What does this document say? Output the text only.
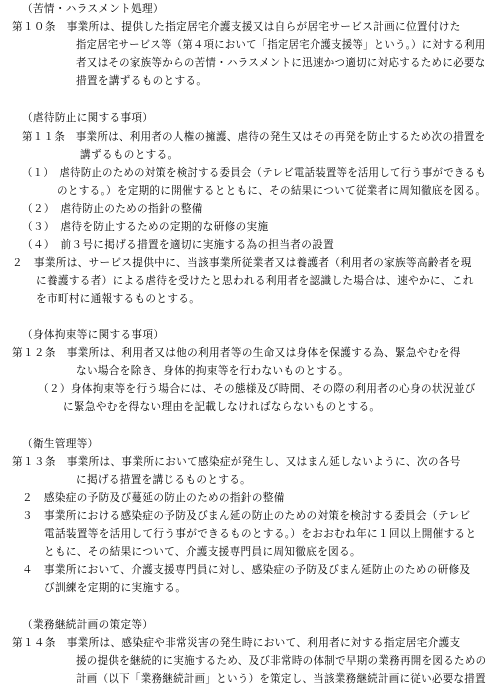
（苦情・ハラスメント処理）
第１０条　事業所は、提供した指定居宅介護支援又は自らが居宅サービス計画に位置付けた
指定居宅サービス等（第４項において「指定居宅介護支援等」という。）に対する利用
者又はその家族等からの苦情・ハラスメントに迅速かつ適切に対応するために必要な
措置を講ずるものとする。
（虐待防止に関する事項）
第１１条　事業所は、利用者の人権の擁護、虐待の発生又はその再発を防止するため次の措置を
講ずるものとする。
（１）　虐待防止のための対策を検討する委員会（テレビ電話装置等を活用して行う事ができるも
のとする。）を定期的に開催するとともに、その結果について従業者に周知徹底を図る。
（２）　虐待防止のための指針の整備
（３）　虐待を防止するための定期的な研修の実施
（４）　前３号に掲げる措置を適切に実施する為の担当者の設置
２　事業所は、サービス提供中に、当該事業所従業者又は養護者（利用者の家族等高齢者を現
に養護する者）による虐待を受けたと思われる利用者を認識した場合は、速やかに、これ
を市町村に通報するものとする。
（身体拘束等に関する事項）
第１２条　事業所は、利用者又は他の利用者等の生命又は身体を保護する為、緊急やむを得
ない場合を除き、身体的拘束等を行わないものとする。
（２）身体拘束等を行う場合には、その態様及び時間、その際の利用者の心身の状況並び
に緊急やむを得ない理由を記載しなければならないものとする。
（衛生管理等）
第１３条　事業所は、事業所において感染症が発生し、又はまん延しないように、次の各号
に掲げる措置を講じるものとする。
２　感染症の予防及び蔓延の防止のための指針の整備
３　事業所における感染症の予防及びまん延の防止のための対策を検討する委員会（テレビ
電話装置等を活用して行う事ができるものとする。）をおおむね年に１回以上開催すると
ともに、その結果について、介護支援専門員に周知徹底を図る。
４　事業所において、介護支援専門員に対し、感染症の予防及びまん延防止のための研修及
び訓練を定期的に実施する。
（業務継続計画の策定等）
第１４条　事業所は、感染症や非常災害の発生時において、利用者に対する指定居宅介護支
援の提供を継続的に実施するため、及び非常時の体制で早期の業務再開を図るための
計画（以下「業務継続計画」という）を策定し、当該業務継続計画に従い必要な措置
